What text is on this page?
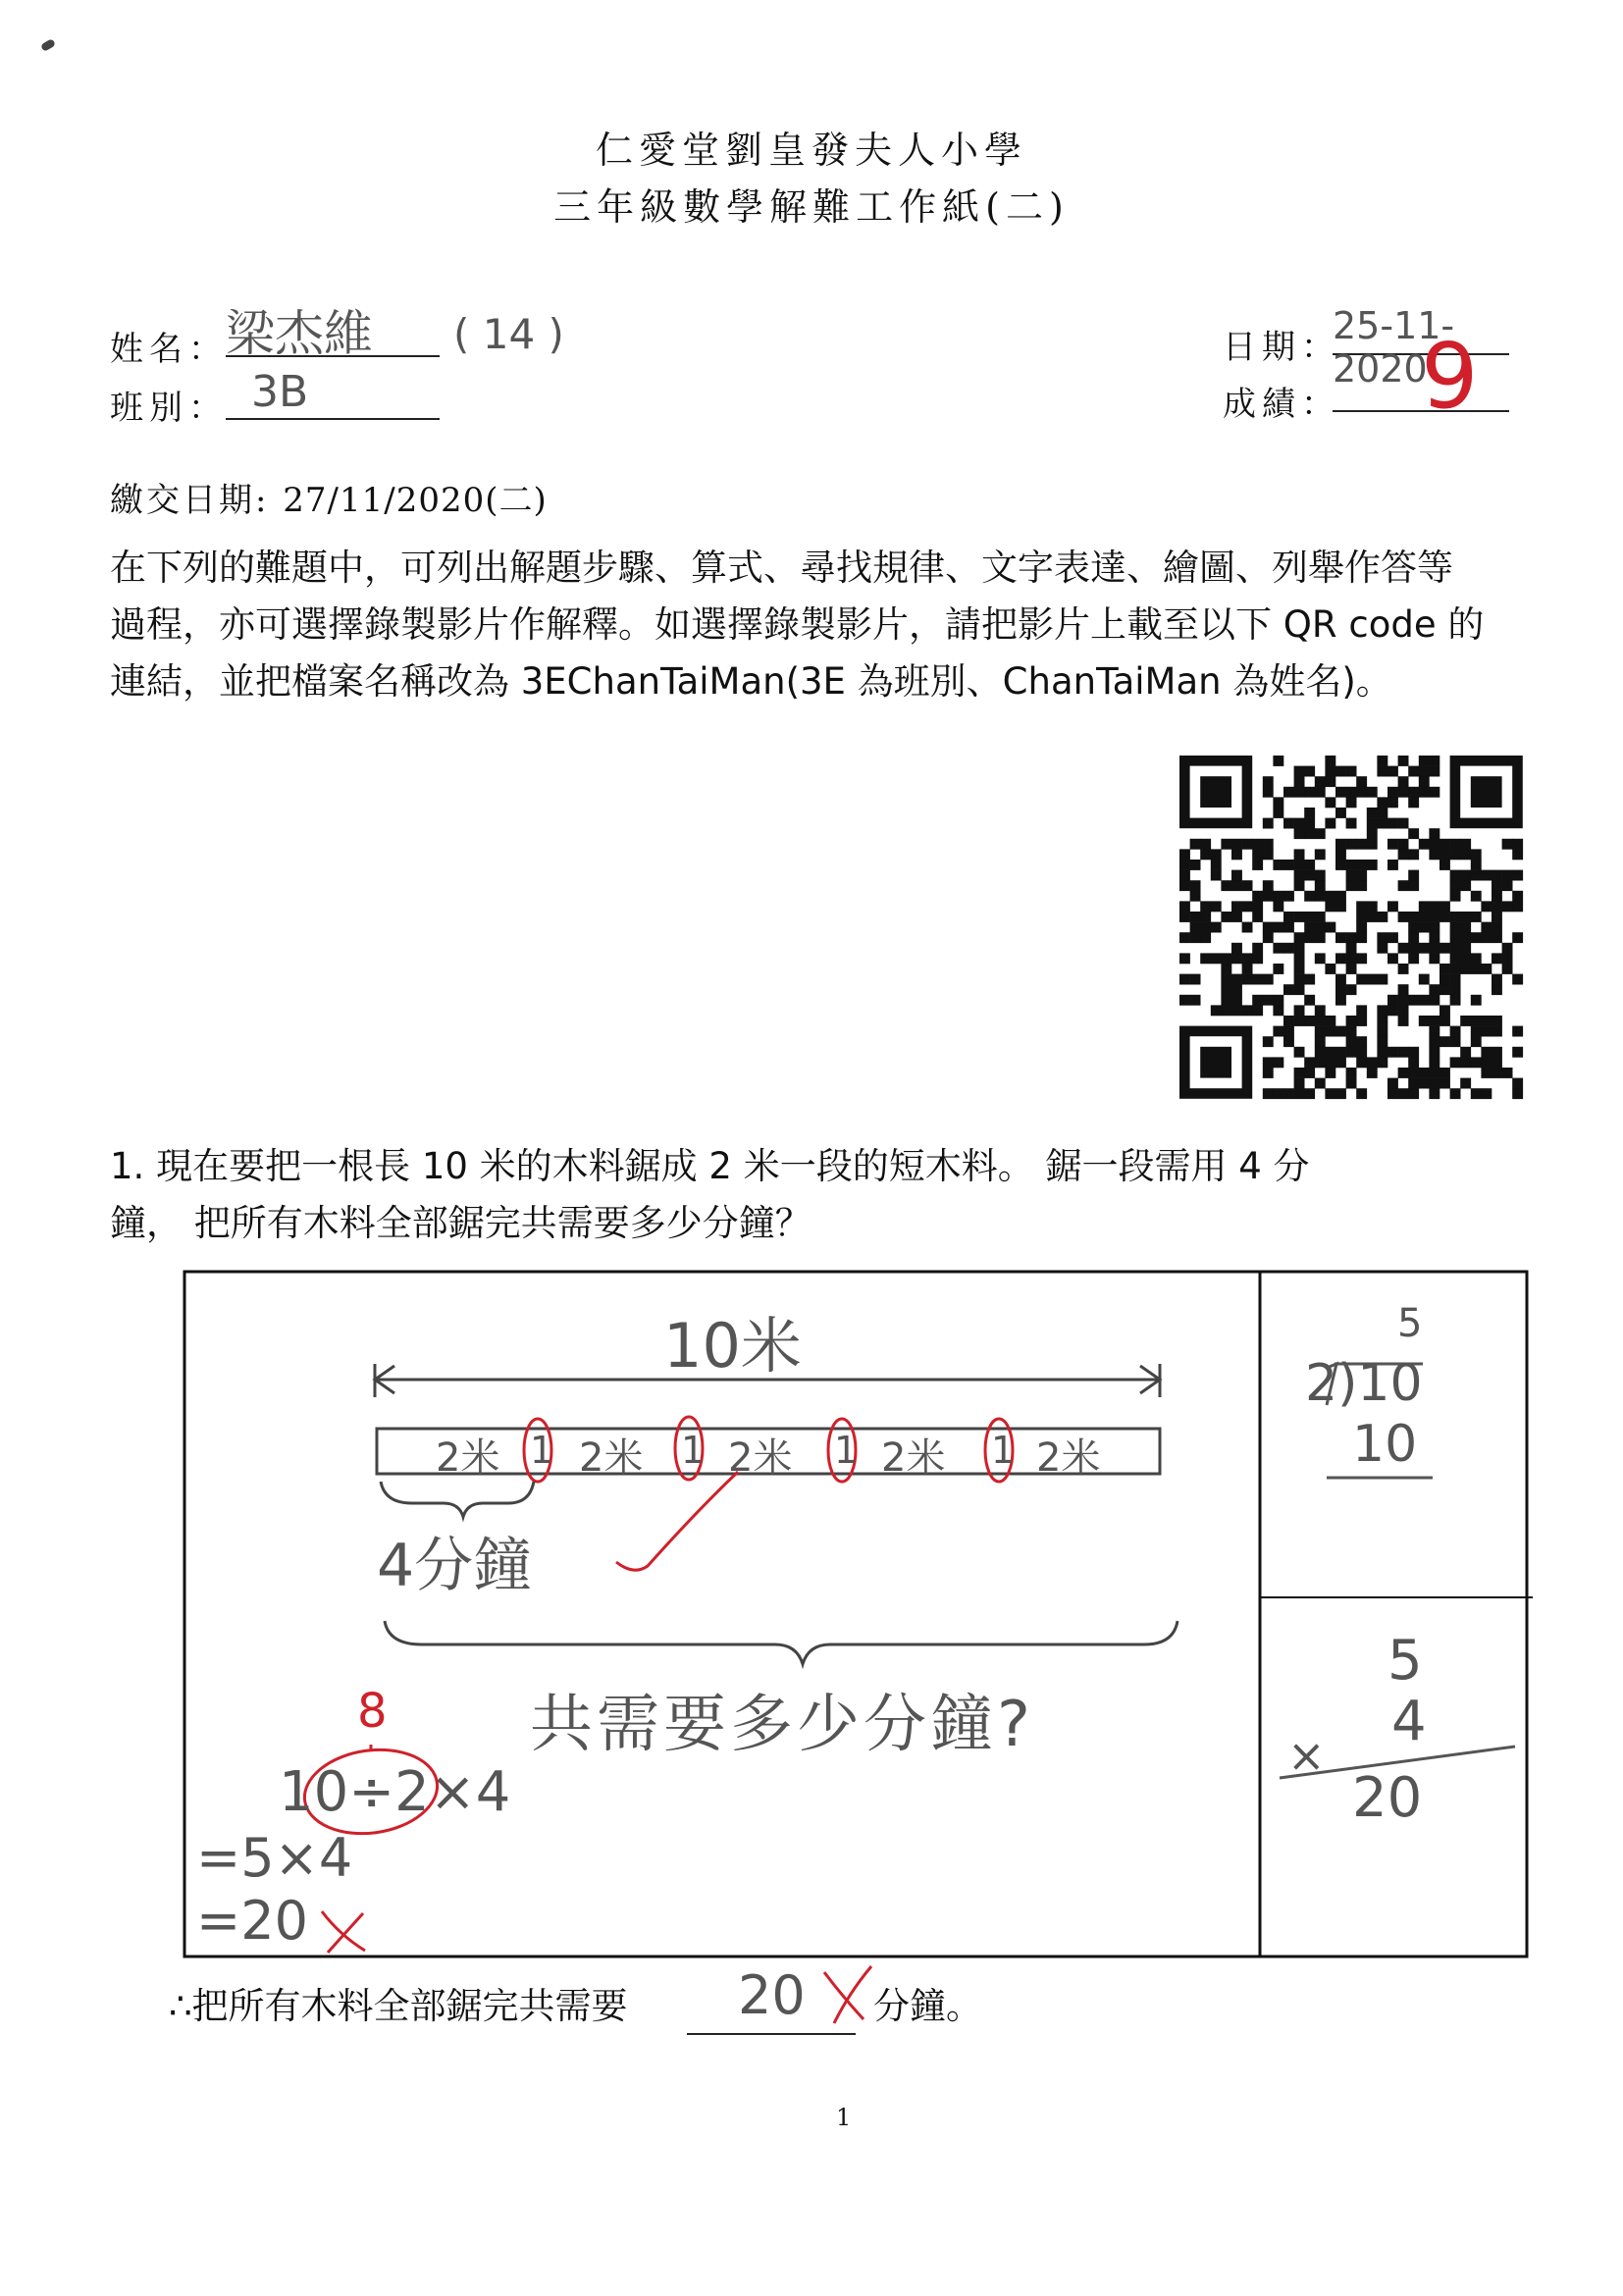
仁愛堂劉皇發夫人小學
三年級數學解難工作紙(二)
姓名：
梁杰維	( 14 )
班別： 3B
日期：
25-11-2020
成績： 9
繳交日期: 27/11/2020(二)
在下列的難題中，可列出解題步驟、算式、尋找規律、文字表達、繪圖、列舉作答等
過程，亦可選擇錄製影片作解釋。如選擇錄製影片，請把影片上載至以下 QR code 的
連結，並把檔案名稱改為 3EChanTaiMan(3E 為班別、ChanTaiMan 為姓名)。
1. 現在要把一根長 10 米的木料鋸成 2 米一段的短木料。 鋸一段需用 4 分
鐘， 把所有木料全部鋸完共需要多少分鐘？
10米
2米 2米 2米 2米 2米
1	1	1	1
4分鐘
共需要多少分鐘?
8
10÷2×4
=5×4
=20
5
2)10
10
5
4
×
20
∴把所有木料全部鋸完共需要 20 分鐘。
1
